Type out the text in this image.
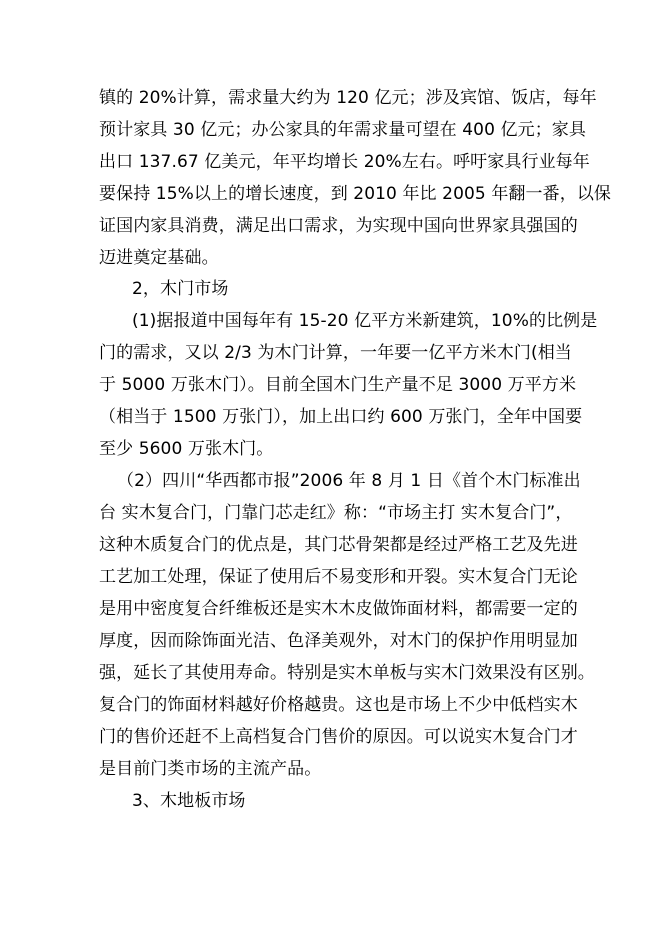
镇的 20%计算，需求量大约为 120 亿元；涉及宾馆、饭店，每年
预计家具 30 亿元；办公家具的年需求量可望在 400 亿元；家具
出口 137.67 亿美元，年平均增长 20%左右。呼吁家具行业每年
要保持 15%以上的增长速度，到 2010 年比 2005 年翻一番，以保
证国内家具消费，满足出口需求，为实现中国向世界家具强国的
迈进奠定基础。
2，木门市场
(1)据报道中国每年有 15-20 亿平方米新建筑，10%的比例是
门的需求，又以 2/3 为木门计算，一年要一亿平方米木门(相当
于 5000 万张木门）。目前全国木门生产量不足 3000 万平方米
（相当于 1500 万张门），加上出口约 600 万张门，全年中国要
至少 5600 万张木门。
（2）四川“华西都市报”2006 年 8 月 1 日《首个木门标准出
台 实木复合门，门靠门芯走红》称：“市场主打 实木复合门”，
这种木质复合门的优点是，其门芯骨架都是经过严格工艺及先进
工艺加工处理，保证了使用后不易变形和开裂。实木复合门无论
是用中密度复合纤维板还是实木木皮做饰面材料，都需要一定的
厚度，因而除饰面光洁、色泽美观外，对木门的保护作用明显加
强，延长了其使用寿命。特别是实木单板与实木门效果没有区别。
复合门的饰面材料越好价格越贵。这也是市场上不少中低档实木
门的售价还赶不上高档复合门售价的原因。可以说实木复合门才
是目前门类市场的主流产品。
3、木地板市场
